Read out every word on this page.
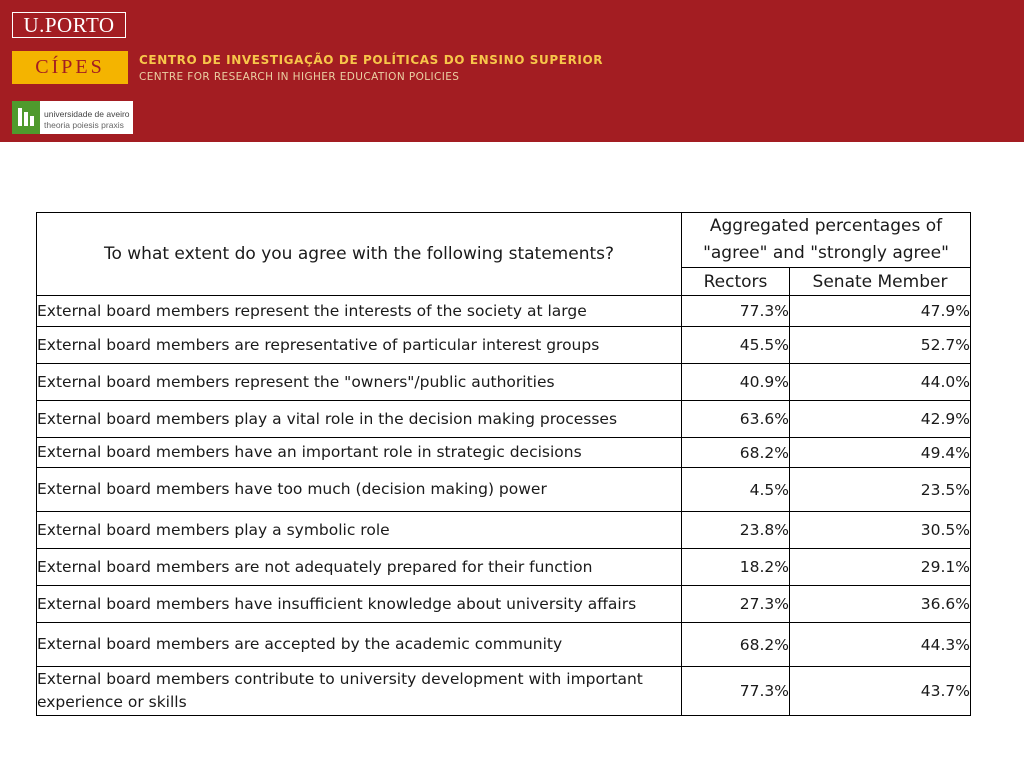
U.PORTO
CÍPES	CENTRO DE INVESTIGAÇÃO DE POLÍTICAS DO ENSINO SUPERIOR
CENTRE FOR RESEARCH IN HIGHER EDUCATION POLICIES
universidade de aveiro
theoria poiesis praxis
To what extent do you agree with the following statements?	Aggregated percentages of "agree" and "strongly agree"	
	Rectors	Senate Member
External board members represent the interests of the society at large	77.3%	47.9%
External board members are representative of particular interest groups	45.5%	52.7%
External board members represent the "owners"/public authorities	40.9%	44.0%
External board members play a vital role in the decision making processes	63.6%	42.9%
External board members have an important role in strategic decisions	68.2%	49.4%
External board members have too much (decision making) power	4.5%	23.5%
External board members play a symbolic role	23.8%	30.5%
External board members are not adequately prepared for their function	18.2%	29.1%
External board members have insufficient knowledge about university affairs	27.3%	36.6%
External board members are accepted by the academic community	68.2%	44.3%
External board members contribute to university development with important experience or skills	77.3%	43.7%
